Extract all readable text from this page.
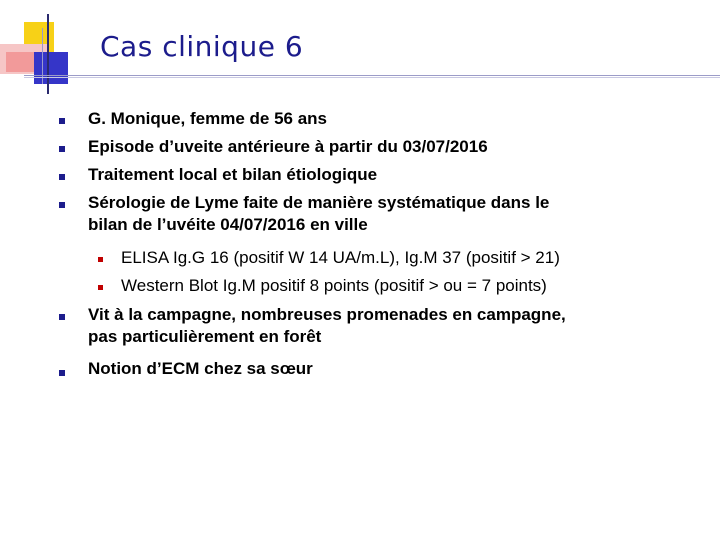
Cas clinique 6
G. Monique, femme de 56 ans
Episode d’uveite antérieure à partir du 03/07/2016
Traitement local et bilan étiologique
Sérologie de Lyme faite de manière systématique dans le
bilan de l’uvéite 04/07/2016 en ville
ELISA Ig.G 16 (positif W 14 UA/m.L), Ig.M 37 (positif > 21)
Western Blot Ig.M positif 8 points (positif > ou = 7 points)
Vit à la campagne, nombreuses promenades en campagne,
pas particulièrement en forêt
Notion d’ECM chez sa sœur
